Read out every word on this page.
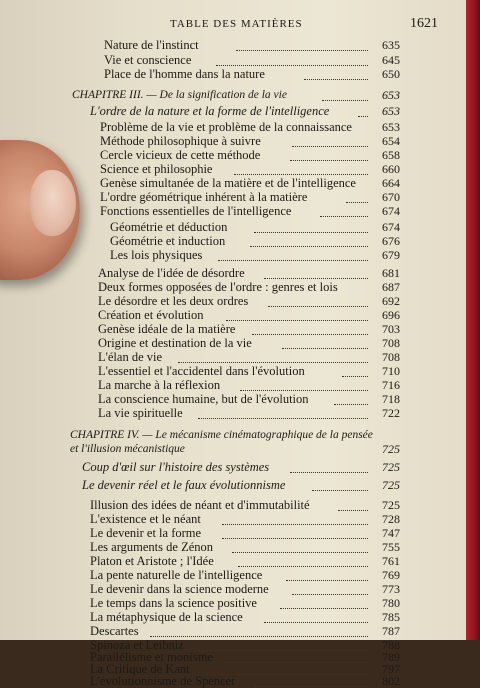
TABLE DES MATIÈRES	1621
Nature de l'instinct	635
Vie et conscience	645
Place de l'homme dans la nature	650
CHAPITRE III. — De la signification de la vie	653
L'ordre de la nature et la forme de l'intelligence	653
Problème de la vie et problème de la connaissance	653
Méthode philosophique à suivre	654
Cercle vicieux de cette méthode	658
Science et philosophie	660
Genèse simultanée de la matière et de l'intelligence 664
L'ordre géométrique inhérent à la matière	670
Fonctions essentielles de l'intelligence	674
Géométrie et déduction	674
Géométrie et induction	676
Les lois physiques	679
Analyse de l'idée de désordre	681
Deux formes opposées de l'ordre : genres et lois	687
Le désordre et les deux ordres	692
Création et évolution	696
Genèse idéale de la matière	703
Origine et destination de la vie	708
L'élan de vie	708
L'essentiel et l'accidentel dans l'évolution	710
La marche à la réflexion	716
La conscience humaine, but de l'évolution	718
La vie spirituelle	722
CHAPITRE IV. — Le mécanisme cinématographique de la pensée
et l'illusion mécanistique	725
Coup d'œil sur l'histoire des systèmes	725
Le devenir réel et le faux évolutionnisme	725
Illusion des idées de néant et d'immutabilité	725
L'existence et le néant	728
Le devenir et la forme	747
Les arguments de Zénon	755
Platon et Aristote ; l'Idée	761
La pente naturelle de l'intelligence	769
Le devenir dans la science moderne	773
Le temps dans la science positive	780
La métaphysique de la science	785
Descartes	787
Spinoza et Leibniz	788
Parallélisme et monisme	789
La Critique de Kant	797
L'évolutionnisme de Spencer	802
